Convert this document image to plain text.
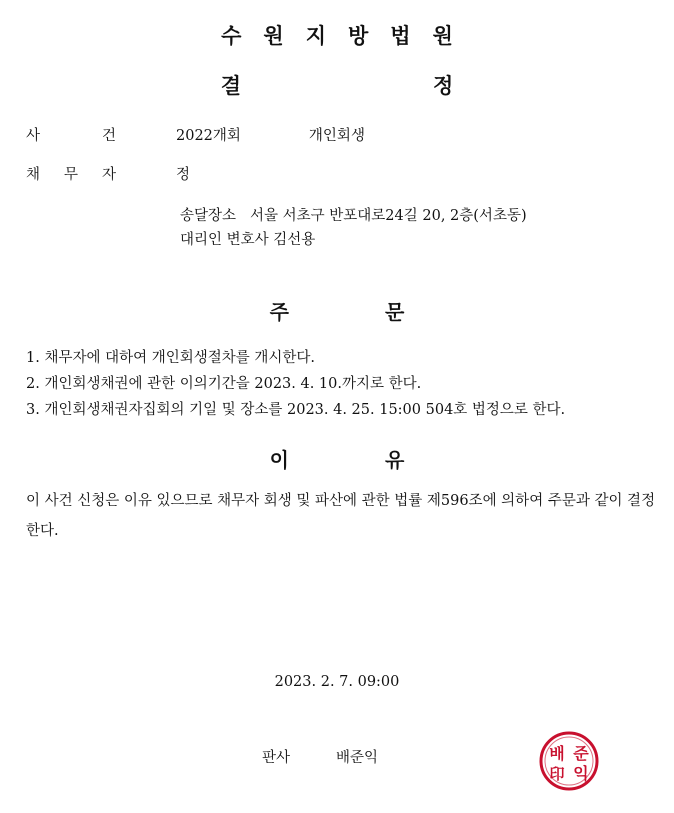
수원지방법원
결	정
사	건	2022개회	개인회생
채 무 자	정
송달장소 서울 서초구 반포대로24길 20, 2층(서초동)
대리인 변호사 김선용
주	문
1. 채무자에 대하여 개인회생절차를 개시한다.
2. 개인회생채권에 관한 이의기간을 2023. 4. 10.까지로 한다.
3. 개인회생채권자집회의 기일 및 장소를 2023. 4. 25. 15:00 504호 법정으로 한다.
이	유
이 사건 신청은 이유 있으므로 채무자 회생 및 파산에 관한 법률 제596조에 의하여 주문과 같이 결정한다.
2023. 2. 7. 09:00
판사	배준익	배 준
印 익
